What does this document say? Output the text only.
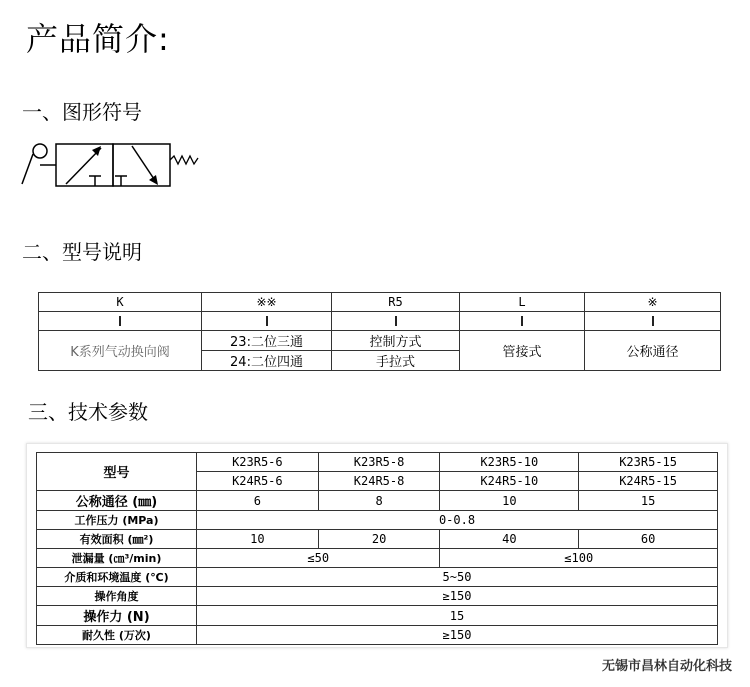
产品简介:
一、图形符号
二、型号说明
K	※※	R5	L	※

K系列气动换向阀	23:二位三通	控制方式	管接式	公称通径
	24:二位四通	手拉式		
三、技术参数
型号	K23R5-6	K23R5-8	K23R5-10	K23R5-15
	K24R5-6	K24R5-8	K24R5-10	K24R5-15
公称通径 (㎜)	6	8	10	15
工作压力 (MPa)	0-0.8			
有效面积 (㎜²)	10	20	40	60
泄漏量 (㎝³/min)	≤50		≤100	
介质和环境温度 (℃)	5~50			
操作角度	≥150			
操作力 (N)	15			
耐久性 (万次)	≥150			
无锡市昌林自动化科技
